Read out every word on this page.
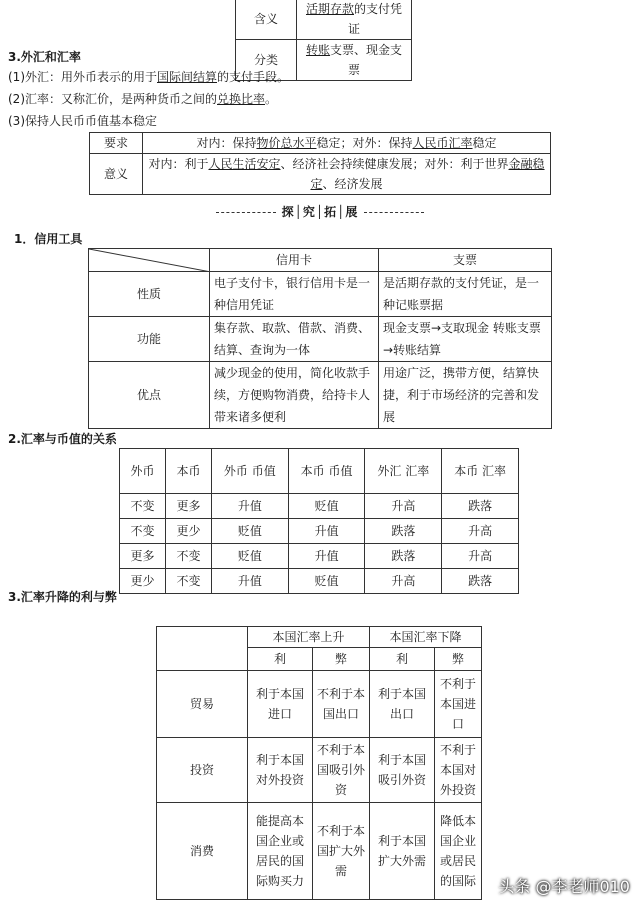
含义	活期存款的支付凭证
分类	转账支票、现金支票
3.外汇和汇率
(1)外汇：用外币表示的用于国际间结算的支付手段。
(2)汇率：又称汇价，是两种货币之间的兑换比率。
(3)保持人民币币值基本稳定
要求	对内：保持物价总水平稳定；对外：保持人民币汇率稳定
意义	对内：利于人民生活安定、经济社会持续健康发展；对外：利于世界金融稳定、经济发展
探│究│拓│展
1．信用工具
	信用卡	支票
性质	电子支付卡，银行信用卡是一种信用凭证	是活期存款的支付凭证，是一种记账票据
功能	集存款、取款、借款、消费、结算、查询为一体	现金支票→支取现金 转账支票→转账结算
优点	减少现金的使用，简化收款手续，方便购物消费，给持卡人带来诸多便利	用途广泛，携带方便，结算快捷，利于市场经济的完善和发展
2.汇率与币值的关系
外币	本币	外币 币值	本币 币值	外汇 汇率	本币 汇率
不变	更多	升值	贬值	升高	跌落
不变	更少	贬值	升值	跌落	升高
更多	不变	贬值	升值	跌落	升高
更少	不变	升值	贬值	升高	跌落
3.汇率升降的利与弊
	本国汇率上升		本国汇率下降	
	利	弊	利	弊
贸易	利于本国进口	不利于本国出口	利于本国出口	不利于本国进口
投资	利于本国对外投资	不利于本国吸引外资	利于本国吸引外资	不利于本国对外投资
消费	能提高本国企业或居民的国际购买力	不利于本国扩大外需	利于本国扩大外需	降低本国企业或居民的国际 头条 @李老师010
